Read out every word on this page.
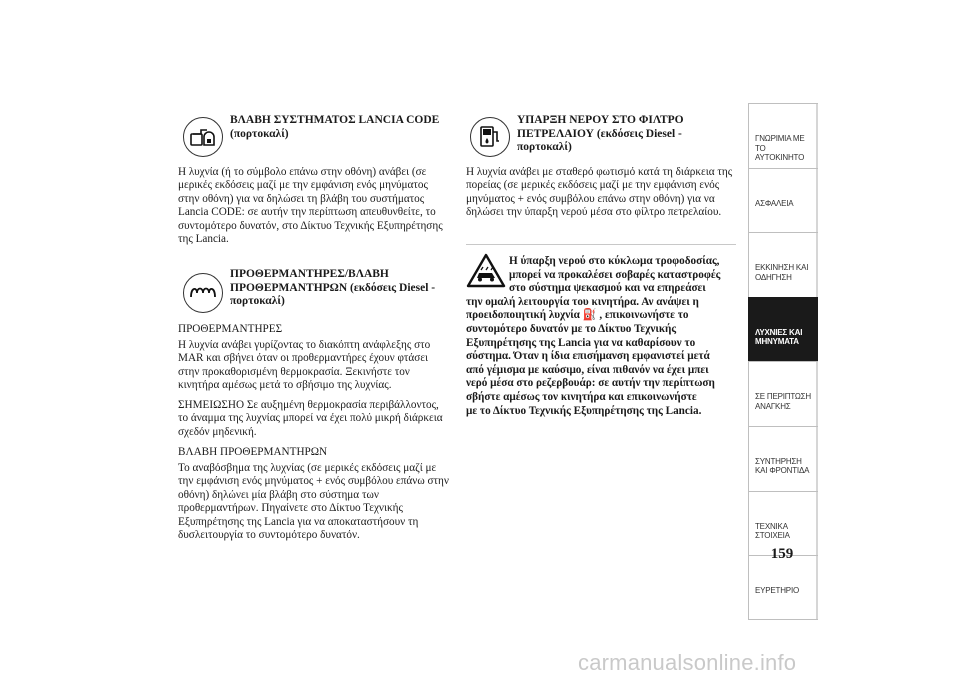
ΒΛΑΒΗ ΣΥΣΤΗΜΑΤΟΣ LANCIA CODE
(πορτοκαλί)

Η λυχνία (ή το σύμβολο επάνω στην οθόνη) ανάβει (σε μερικές εκδόσεις μαζί με την εμφάνιση ενός μηνύματος στην οθόνη) για να δηλώσει τη βλάβη του συστήματος Lancia CODE: σε αυτήν την περίπτωση απευθυνθείτε, το συντομότερο δυνατόν, στο Δίκτυο Τεχνικής Εξυπηρέτησης της Lancia.

ΠΡΟΘΕΡΜΑΝΤΗΡΕΣ/ΒΛΑΒΗ
ΠΡΟΘΕΡΜΑΝΤΗΡΩΝ (εκδόσεις Diesel -
πορτοκαλί)
ΠΡΟΘΕΡΜΑΝΤΗΡΕΣ

Η λυχνία ανάβει γυρίζοντας το διακόπτη ανάφλεξης στο MAR και σβήνει όταν οι προθερμαντήρες έχουν φτάσει στην προκαθορισμένη θερμοκρασία. Ξεκινήστε τον κινητήρα αμέσως μετά το σβήσιμο της λυχνίας.

ΣΗΜΕΙΩΣΗΟ Σε αυξημένη θερμοκρασία περιβάλλοντος, το άναμμα της λυχνίας μπορεί να έχει πολύ μικρή διάρκεια σχεδόν μηδενική.

ΒΛΑΒΗ ΠΡΟΘΕΡΜΑΝΤΗΡΩΝ

Το αναβόσβημα της λυχνίας (σε μερικές εκδόσεις μαζί με την εμφάνιση ενός μηνύματος + ενός συμβόλου επάνω στην οθόνη) δηλώνει μία βλάβη στο σύστημα των προθερμαντήρων. Πηγαίνετε στο Δίκτυο Τεχνικής Εξυπηρέτησης της Lancia για να αποκαταστήσουν τη δυσλειτουργία το συντομότερο δυνατόν.

ΥΠΑΡΞΗ ΝΕΡΟΥ ΣΤΟ ΦΙΛΤΡΟ
ΠΕΤΡΕΛΑΙΟΥ (εκδόσεις Diesel -
πορτοκαλί)

Η λυχνία ανάβει με σταθερό φωτισμό κατά τη διάρκεια της πορείας (σε μερικές εκδόσεις μαζί με την εμφάνιση ενός μηνύματος + ενός συμβόλου επάνω στην οθόνη) για να δηλώσει την ύπαρξη νερού μέσα στο φίλτρο πετρελαίου.

Η ύπαρξη νερού στο κύκλωμα τροφοδοσίας,
μπορεί να προκαλέσει σοβαρές καταστροφές
στο σύστημα ψεκασμού και να επηρεάσει
την ομαλή λειτουργία του κινητήρα. Αν ανάψει η
προειδοποιητική λυχνία ⛽ , επικοινωνήστε το
συντομότερο δυνατόν με το Δίκτυο Τεχνικής
Εξυπηρέτησης της Lancia για να καθαρίσουν το
σύστημα. Όταν η ίδια επισήμανση εμφανιστεί μετά
από γέμισμα με καύσιμο, είναι πιθανόν να έχει μπει
νερό μέσα στο ρεζερβουάρ: σε αυτήν την περίπτωση
σβήστε αμέσως τον κινητήρα και επικοινωνήστε
με το Δίκτυο Τεχνικής Εξυπηρέτησης της Lancia.
ΓΝΩΡΙΜΙΑ ΜΕ ΤΟ ΑΥΤΟΚΙΝΗΤΟ
ΑΣΦΑΛΕΙΑ
ΕΚΚΙΝΗΣΗ ΚΑΙ ΟΔΗΓΗΣΗ
ΛΥΧΝΙΕΣ ΚΑΙ ΜΗΝΥΜΑΤΑ
ΣΕ ΠΕΡΙΠΤΩΣΗ ΑΝΑΓΚΗΣ
ΣΥΝΤΗΡΗΣΗ ΚΑΙ ΦΡΟΝΤΙΔΑ
ΤΕΧΝΙΚΑ ΣΤΟΙΧΕΙΑ
ΕΥΡΕΤΗΡΙΟ
159
carmanualsonline.info
